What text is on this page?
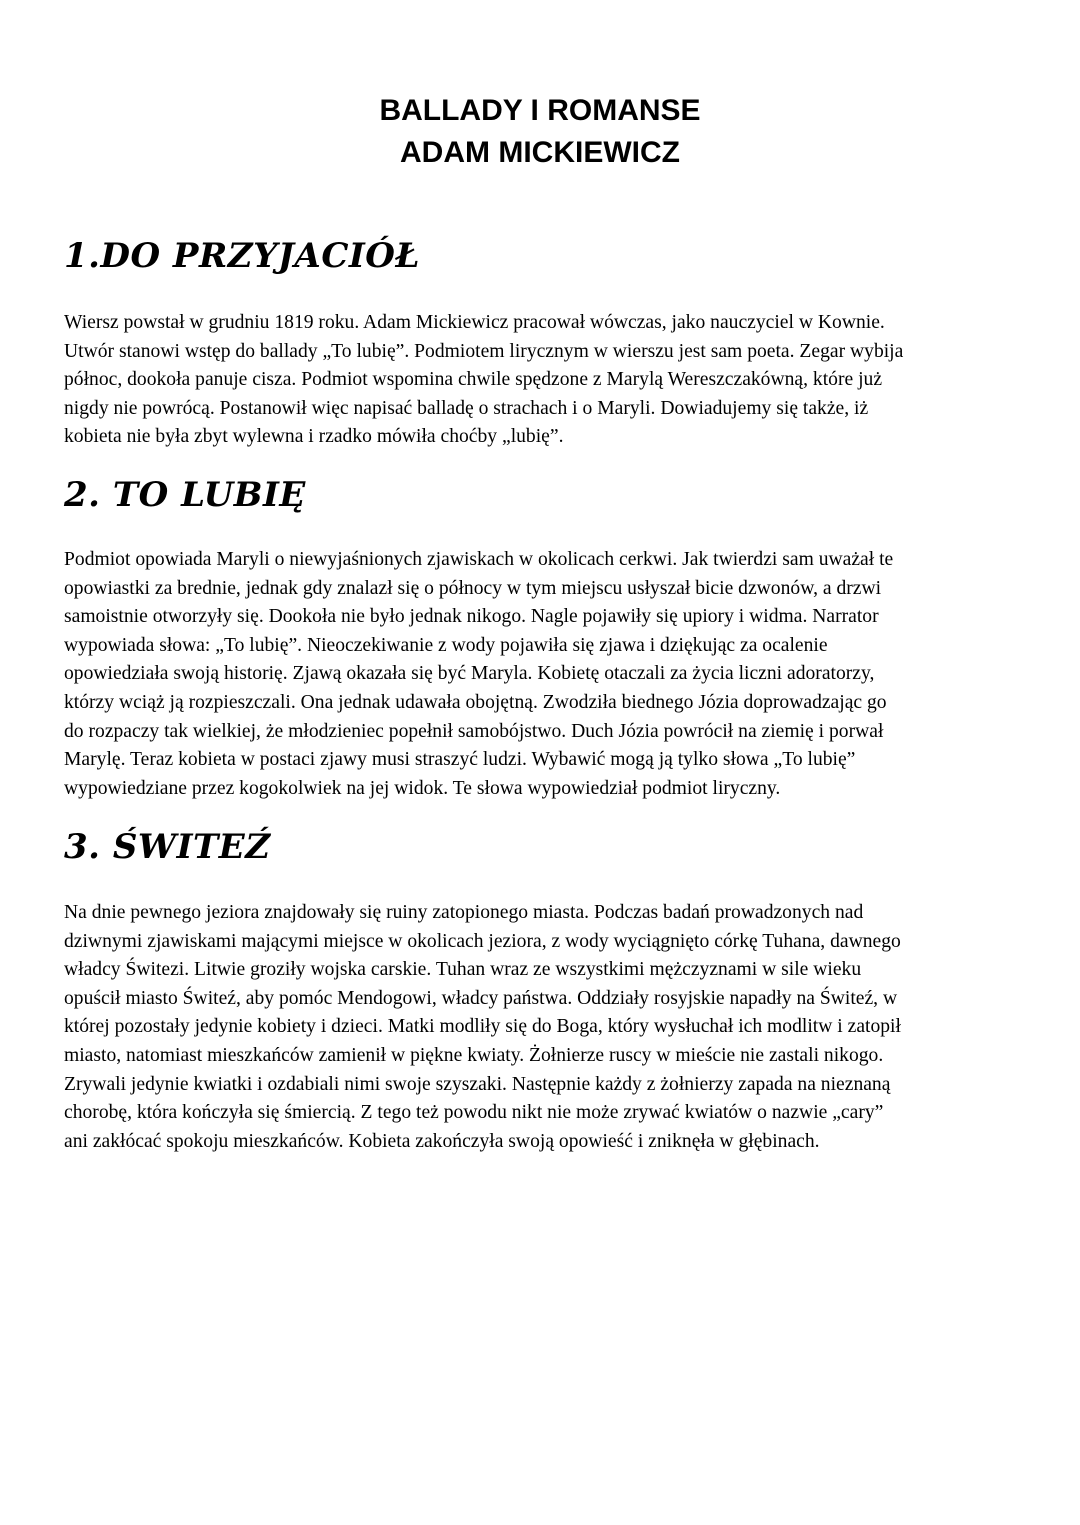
BALLADY I ROMANSE
ADAM MICKIEWICZ
1.DO PRZYJACIÓŁ

Wiersz powstał w grudniu 1819 roku. Adam Mickiewicz pracował wówczas, jako nauczyciel w Kownie.
Utwór stanowi wstęp do ballady „To lubię”. Podmiotem lirycznym w wierszu jest sam poeta. Zegar wybija
północ, dookoła panuje cisza. Podmiot wspomina chwile spędzone z Marylą Wereszczakówną, które już
nigdy nie powrócą. Postanowił więc napisać balladę o strachach i o Maryli. Dowiadujemy się także, iż
kobieta nie była zbyt wylewna i rzadko mówiła choćby „lubię”.

2. TO LUBIĘ

Podmiot opowiada Maryli o niewyjaśnionych zjawiskach w okolicach cerkwi. Jak twierdzi sam uważał te
opowiastki za brednie, jednak gdy znalazł się o północy w tym miejscu usłyszał bicie dzwonów, a drzwi
samoistnie otworzyły się. Dookoła nie było jednak nikogo. Nagle pojawiły się upiory i widma. Narrator
wypowiada słowa: „To lubię”. Nieoczekiwanie z wody pojawiła się zjawa i dziękując za ocalenie
opowiedziała swoją historię. Zjawą okazała się być Maryla. Kobietę otaczali za życia liczni adoratorzy,
którzy wciąż ją rozpieszczali. Ona jednak udawała obojętną. Zwodziła biednego Józia doprowadzając go
do rozpaczy tak wielkiej, że młodzieniec popełnił samobójstwo. Duch Józia powrócił na ziemię i porwał
Marylę. Teraz kobieta w postaci zjawy musi straszyć ludzi. Wybawić mogą ją tylko słowa „To lubię”
wypowiedziane przez kogokolwiek na jej widok. Te słowa wypowiedział podmiot liryczny.

3. ŚWITEŹ

Na dnie pewnego jeziora znajdowały się ruiny zatopionego miasta. Podczas badań prowadzonych nad
dziwnymi zjawiskami mającymi miejsce w okolicach jeziora, z wody wyciągnięto córkę Tuhana, dawnego
władcy Świtezi. Litwie groziły wojska carskie. Tuhan wraz ze wszystkimi mężczyznami w sile wieku
opuścił miasto Świteź, aby pomóc Mendogowi, władcy państwa. Oddziały rosyjskie napadły na Świteź, w
której pozostały jedynie kobiety i dzieci. Matki modliły się do Boga, który wysłuchał ich modlitw i zatopił
miasto, natomiast mieszkańców zamienił w piękne kwiaty. Żołnierze ruscy w mieście nie zastali nikogo.
Zrywali jedynie kwiatki i ozdabiali nimi swoje szyszaki. Następnie każdy z żołnierzy zapada na nieznaną
chorobę, która kończyła się śmiercią. Z tego też powodu nikt nie może zrywać kwiatów o nazwie „cary”
ani zakłócać spokoju mieszkańców. Kobieta zakończyła swoją opowieść i zniknęła w głębinach.
